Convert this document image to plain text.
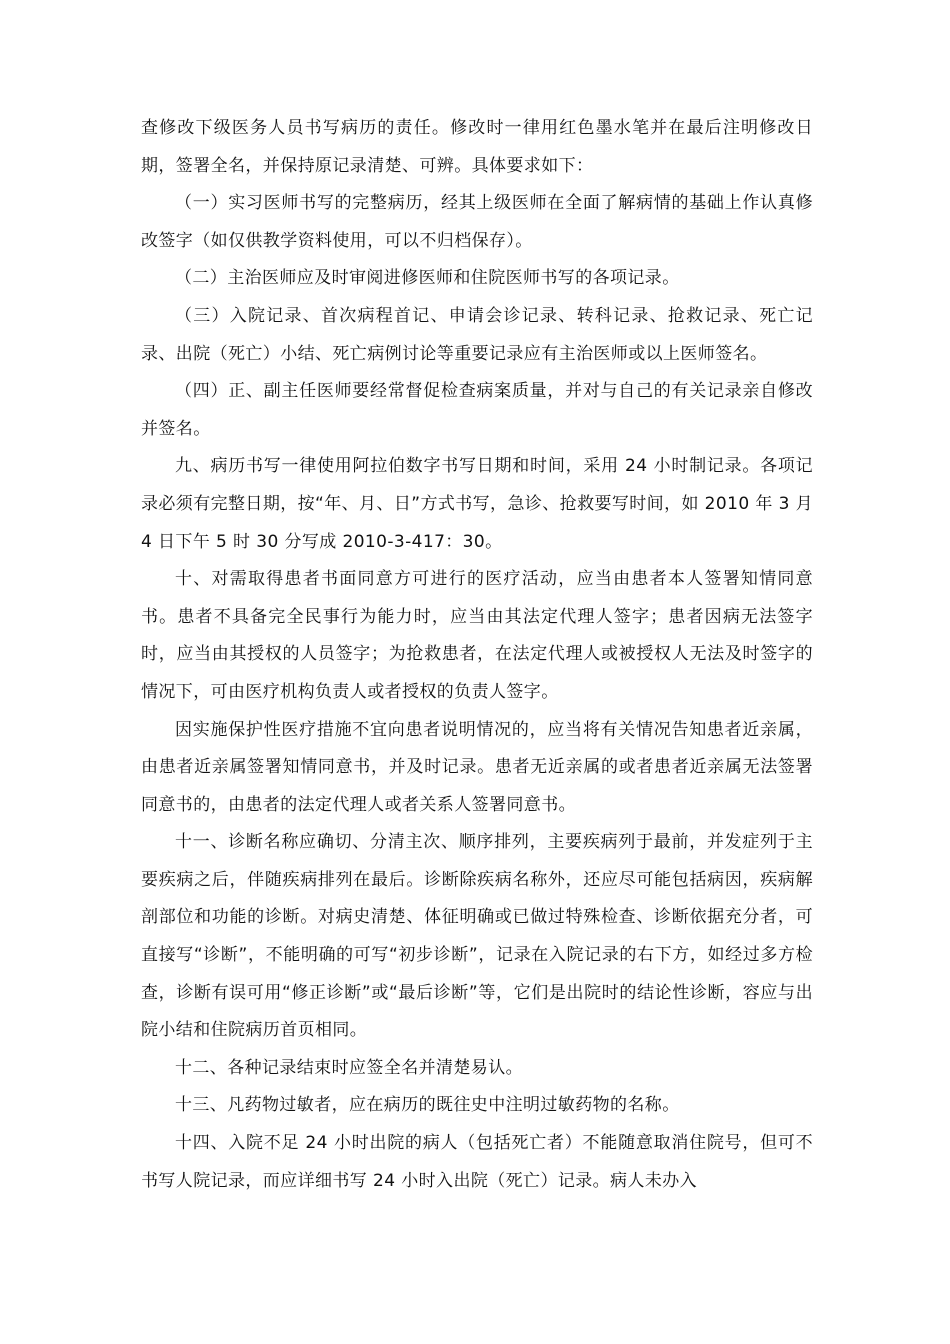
查修改下级医务人员书写病历的责任。修改时一律用红色墨水笔并在最后注明修改日期，签署全名，并保持原记录清楚、可辨。具体要求如下：

（一）实习医师书写的完整病历，经其上级医师在全面了解病情的基础上作认真修改签字（如仅供教学资料使用，可以不归档保存）。

（二）主治医师应及时审阅进修医师和住院医师书写的各项记录。

（三）入院记录、首次病程首记、申请会诊记录、转科记录、抢救记录、死亡记录、出院（死亡）小结、死亡病例讨论等重要记录应有主治医师或以上医师签名。

（四）正、副主任医师要经常督促检查病案质量，并对与自己的有关记录亲自修改并签名。

九、病历书写一律使用阿拉伯数字书写日期和时间，采用 24 小时制记录。各项记录必须有完整日期，按“年、月、日”方式书写，急诊、抢救要写时间，如 2010 年 3 月 4 日下午 5 时 30 分写成 2010-3-417：30。

十、对需取得患者书面同意方可进行的医疗活动，应当由患者本人签署知情同意书。患者不具备完全民事行为能力时，应当由其法定代理人签字；患者因病无法签字时，应当由其授权的人员签字；为抢救患者，在法定代理人或被授权人无法及时签字的情况下，可由医疗机构负责人或者授权的负责人签字。

因实施保护性医疗措施不宜向患者说明情况的，应当将有关情况告知患者近亲属，由患者近亲属签署知情同意书，并及时记录。患者无近亲属的或者患者近亲属无法签署同意书的，由患者的法定代理人或者关系人签署同意书。

十一、诊断名称应确切、分清主次、顺序排列，主要疾病列于最前，并发症列于主要疾病之后，伴随疾病排列在最后。诊断除疾病名称外，还应尽可能包括病因，疾病解剖部位和功能的诊断。对病史清楚、体征明确或已做过特殊检查、诊断依据充分者，可直接写“诊断”，不能明确的可写“初步诊断”，记录在入院记录的右下方，如经过多方检查，诊断有误可用“修正诊断”或“最后诊断”等，它们是出院时的结论性诊断，容应与出院小结和住院病历首页相同。

十二、各种记录结束时应签全名并清楚易认。

十三、凡药物过敏者，应在病历的既往史中注明过敏药物的名称。

十四、入院不足 24 小时出院的病人（包括死亡者）不能随意取消住院号，但可不书写人院记录，而应详细书写 24 小时入出院（死亡）记录。病人未办入
